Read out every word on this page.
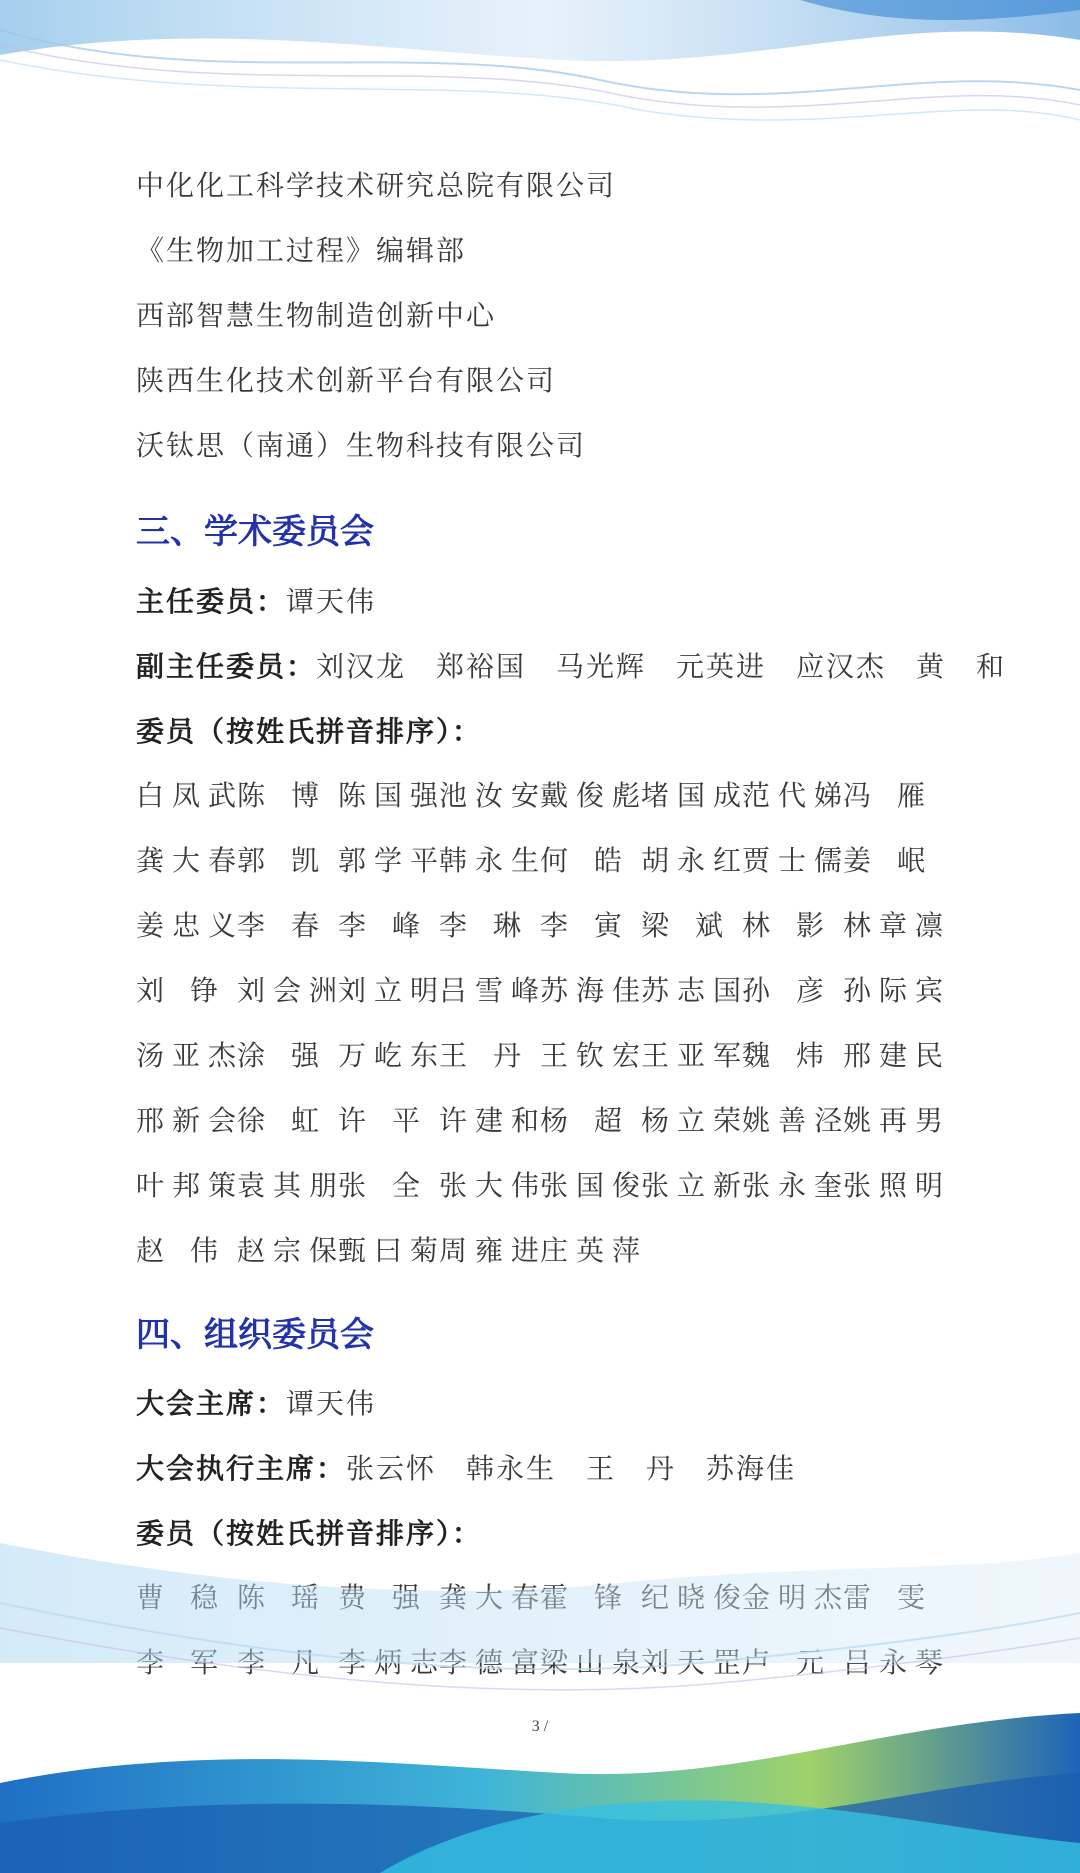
中化化工科学技术研究总院有限公司
《生物加工过程》编辑部
西部智慧生物制造创新中心
陕西生化技术创新平台有限公司
沃钛思（南通）生物科技有限公司
三、学术委员会
主任委员：谭天伟
副主任委员：刘汉龙　郑裕国　马光辉　元英进　应汉杰　黄　和
委员（按姓氏拼音排序）：
白 凤 武 陈 博 陈 国 强 池 汝 安 戴 俊 彪 堵 国 成 范 代 娣 冯 雁
龚 大 春 郭 凯 郭 学 平 韩 永 生 何 皓 胡 永 红 贾 士 儒 姜 岷
姜 忠 义 李 春 李 峰 李 琳 李 寅 梁 斌 林 影 林 章 凛
刘 铮 刘 会 洲 刘 立 明 吕 雪 峰 苏 海 佳 苏 志 国 孙 彦 孙 际 宾
汤 亚 杰 涂 强 万 屹 东 王 丹 王 钦 宏 王 亚 军 魏 炜 邢 建 民
邢 新 会 徐 虹 许 平 许 建 和 杨 超 杨 立 荣 姚 善 泾 姚 再 男
叶 邦 策 袁 其 朋 张 全 张 大 伟 张 国 俊 张 立 新 张 永 奎 张 照 明
赵 伟 赵 宗 保 甄 曰 菊 周 雍 进 庄 英 萍
四、组织委员会
大会主席：谭天伟
大会执行主席：张云怀　韩永生　王　丹　苏海佳
委员（按姓氏拼音排序）：
3 /
